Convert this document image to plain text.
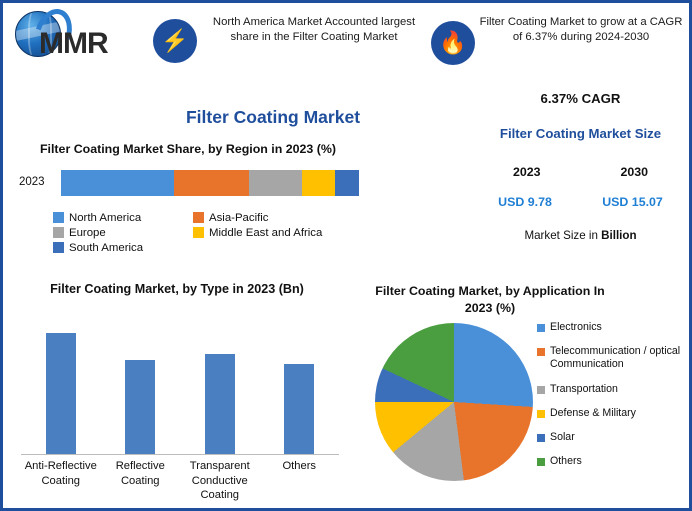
MMR	⚡
North America Market Accounted largest share in the Filter Coating Market	🔥
Filter Coating Market to grow at a CAGR of 6.37% during 2024-2030
Filter Coating Market
Filter Coating Market Share, by Region in 2023 (%)
2023
North America	Asia-Pacific
Europe	Middle East and Africa
South America
Filter Coating Market, by Type in 2023 (Bn)
Anti-Reflective Coating
Reflective Coating
Transparent Conductive Coating
Others
Filter Coating Market, by Application In 2023 (%)
Electronics
Telecommunication / optical Communication
Transportation
Defense & Military
Solar
Others
6.37% CAGR
Filter Coating Market Size
2023	2030
USD 9.78	USD 15.07
Market Size in Billion
